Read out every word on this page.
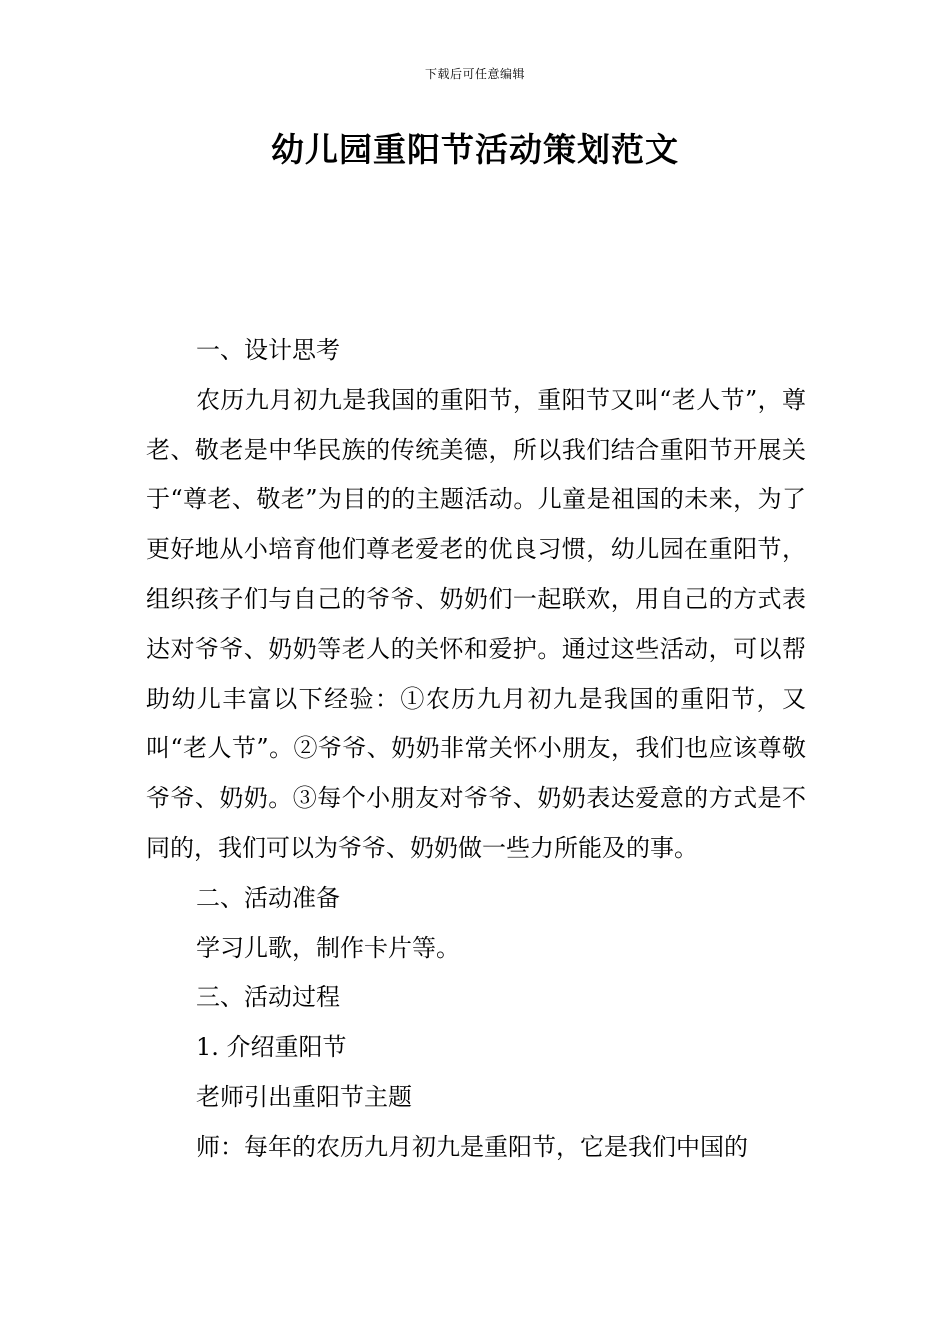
下载后可任意编辑
幼儿园重阳节活动策划范文

一、设计思考

农历九月初九是我国的重阳节，重阳节又叫“老人节”，尊老、敬老是中华民族的传统美德，所以我们结合重阳节开展关于“尊老、敬老”为目的的主题活动。儿童是祖国的未来，为了更好地从小培育他们尊老爱老的优良习惯，幼儿园在重阳节，组织孩子们与自己的爷爷、奶奶们一起联欢，用自己的方式表达对爷爷、奶奶等老人的关怀和爱护。通过这些活动，可以帮助幼儿丰富以下经验：①农历九月初九是我国的重阳节，又叫“老人节”。②爷爷、奶奶非常关怀小朋友，我们也应该尊敬爷爷、奶奶。③每个小朋友对爷爷、奶奶表达爱意的方式是不同的，我们可以为爷爷、奶奶做一些力所能及的事。

二、活动准备

学习儿歌，制作卡片等。

三、活动过程

1. 介绍重阳节

老师引出重阳节主题

师：每年的农历九月初九是重阳节，它是我们中国的
